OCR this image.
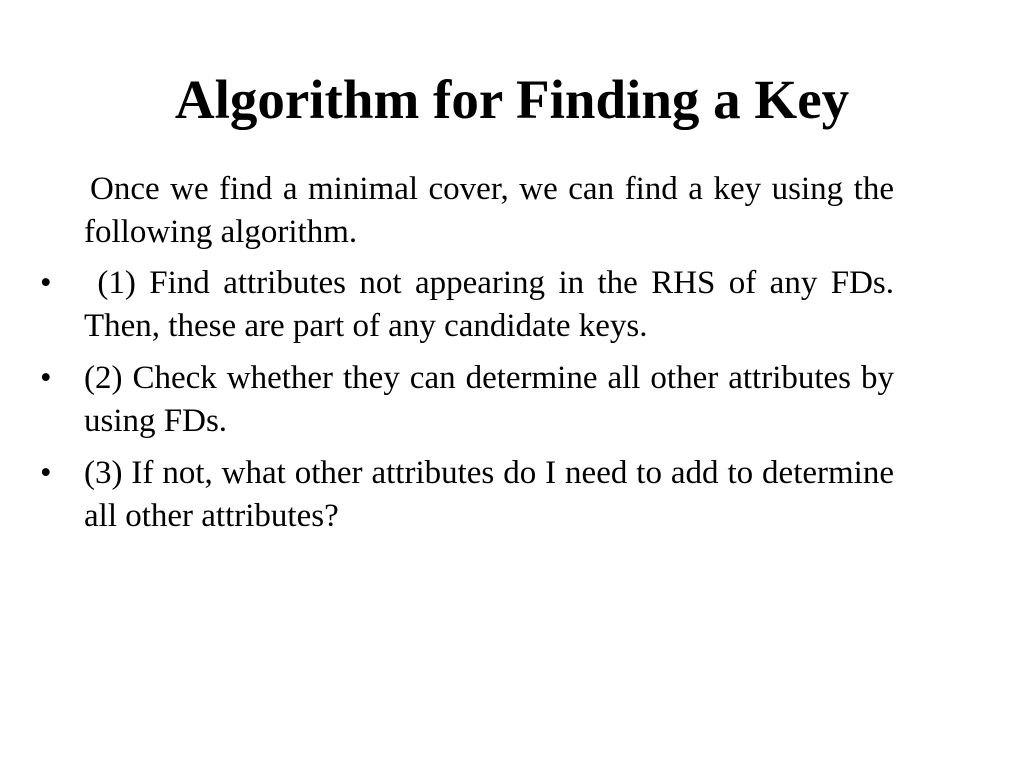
Algorithm for Finding a Key

Once we find a minimal cover, we can find a key using the following algorithm.

• (1) Find attributes not appearing in the RHS of any FDs.  Then, these are part of any candidate keys.
• (2) Check whether they can determine all other attributes by using FDs.
• (3) If not, what other attributes do I need to add to determine all other attributes?
